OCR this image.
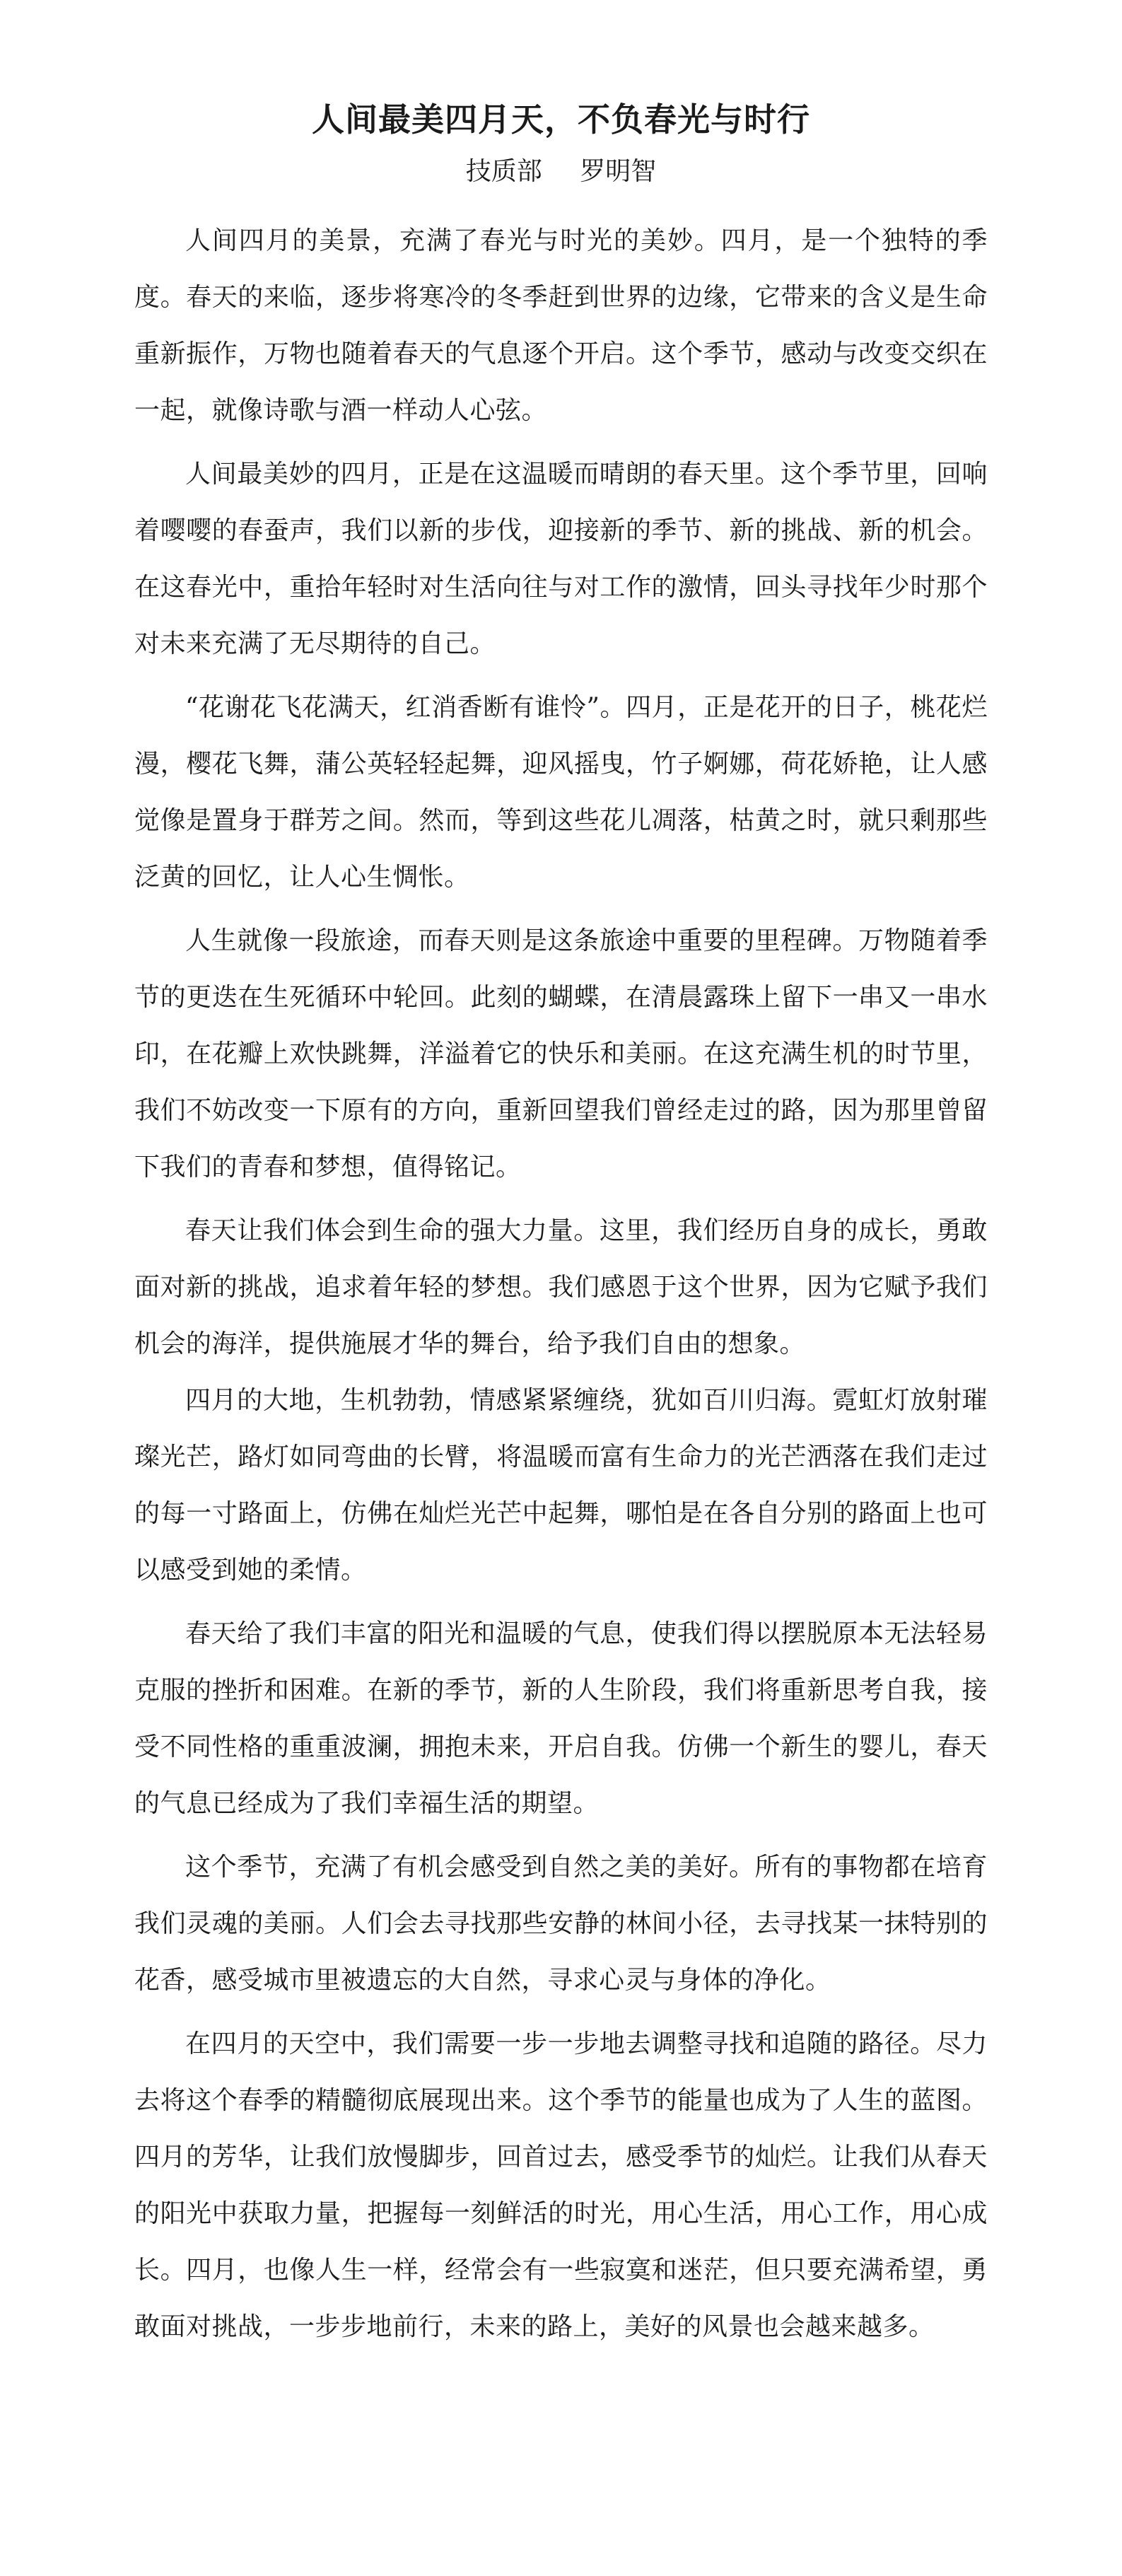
人间最美四月天，不负春光与时行
技质部 罗明智

人间四月的美景，充满了春光与时光的美妙。四月，是一个独特的季度。春天的来临，逐步将寒冷的冬季赶到世界的边缘，它带来的含义是生命重新振作，万物也随着春天的气息逐个开启。这个季节，感动与改变交织在一起，就像诗歌与酒一样动人心弦。

人间最美妙的四月，正是在这温暖而晴朗的春天里。这个季节里，回响着嘤嘤的春蚕声，我们以新的步伐，迎接新的季节、新的挑战、新的机会。在这春光中，重拾年轻时对生活向往与对工作的激情，回头寻找年少时那个对未来充满了无尽期待的自己。

“花谢花飞花满天，红消香断有谁怜”。四月，正是花开的日子，桃花烂漫，樱花飞舞，蒲公英轻轻起舞，迎风摇曳，竹子婀娜，荷花娇艳，让人感觉像是置身于群芳之间。然而，等到这些花儿凋落，枯黄之时，就只剩那些泛黄的回忆，让人心生惆怅。

人生就像一段旅途，而春天则是这条旅途中重要的里程碑。万物随着季节的更迭在生死循环中轮回。此刻的蝴蝶，在清晨露珠上留下一串又一串水印，在花瓣上欢快跳舞，洋溢着它的快乐和美丽。在这充满生机的时节里，我们不妨改变一下原有的方向，重新回望我们曾经走过的路，因为那里曾留下我们的青春和梦想，值得铭记。

春天让我们体会到生命的强大力量。这里，我们经历自身的成长，勇敢面对新的挑战，追求着年轻的梦想。我们感恩于这个世界，因为它赋予我们机会的海洋，提供施展才华的舞台，给予我们自由的想象。

四月的大地，生机勃勃，情感紧紧缠绕，犹如百川归海。霓虹灯放射璀璨光芒，路灯如同弯曲的长臂，将温暖而富有生命力的光芒洒落在我们走过的每一寸路面上，仿佛在灿烂光芒中起舞，哪怕是在各自分别的路面上也可以感受到她的柔情。

春天给了我们丰富的阳光和温暖的气息，使我们得以摆脱原本无法轻易克服的挫折和困难。在新的季节，新的人生阶段，我们将重新思考自我，接受不同性格的重重波澜，拥抱未来，开启自我。仿佛一个新生的婴儿，春天的气息已经成为了我们幸福生活的期望。

这个季节，充满了有机会感受到自然之美的美好。所有的事物都在培育我们灵魂的美丽。人们会去寻找那些安静的林间小径，去寻找某一抹特别的花香，感受城市里被遗忘的大自然，寻求心灵与身体的净化。

在四月的天空中，我们需要一步一步地去调整寻找和追随的路径。尽力去将这个春季的精髓彻底展现出来。这个季节的能量也成为了人生的蓝图。四月的芳华，让我们放慢脚步，回首过去，感受季节的灿烂。让我们从春天的阳光中获取力量，把握每一刻鲜活的时光，用心生活，用心工作，用心成长。四月，也像人生一样，经常会有一些寂寞和迷茫，但只要充满希望，勇敢面对挑战，一步步地前行，未来的路上，美好的风景也会越来越多。
